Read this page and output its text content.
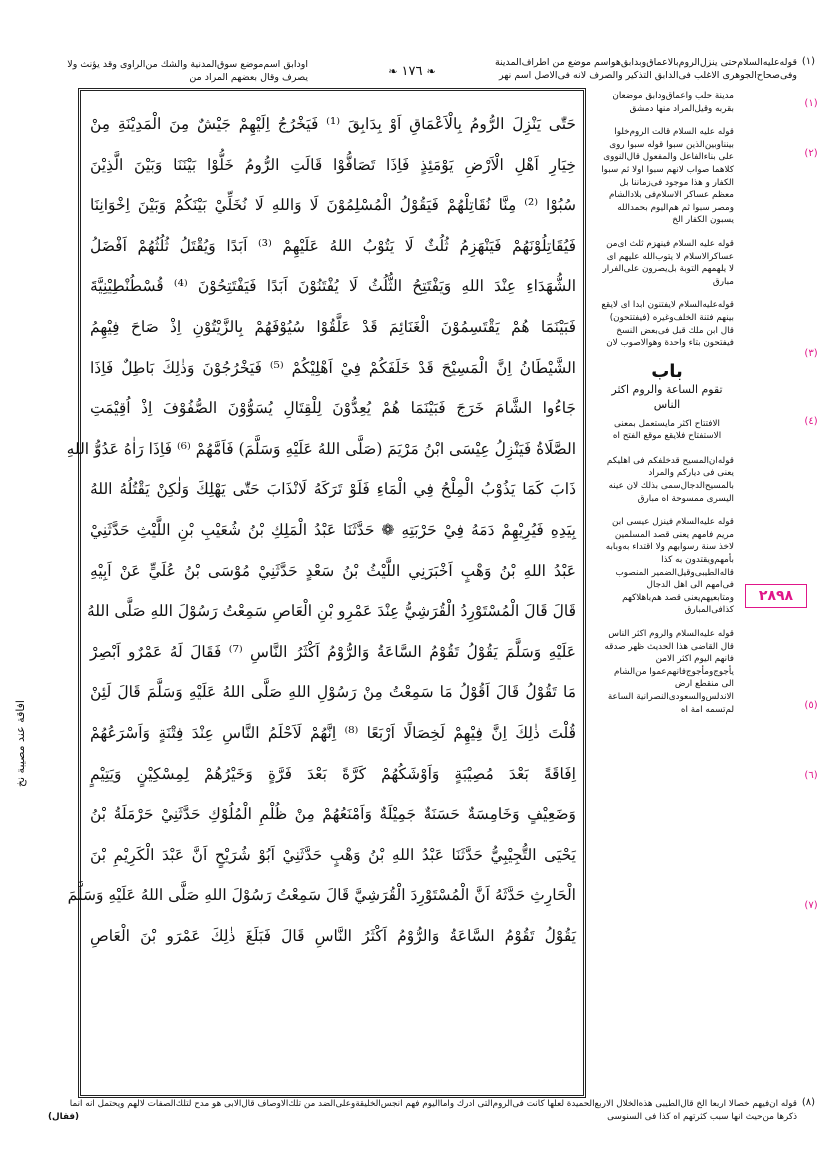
(١)
قوله‌عليه‌السلام‌حتى ينزل‌الروم‌بالاعماق‌وبدابق‌هواسم موضع من اطراف‌المدينة وفى‌صحاح‌الجوهرى الاغلب فى‌الدابق التذكير والصرف لانه فى‌الاصل اسم نهر
❧ ١٧٦ ❧
اودابق اسم‌موضع سوق‌المدنية والشك من‌الراوى وقد يؤنث ولا يصرف وقال بعضهم المراد من
حَتّٰى يَنْزِلَ الرُّومُ بِالْاَعْمَاقِ اَوْ بِدَابِقَ ⁽¹⁾ فَيَخْرُجُ اِلَيْهِمْ جَيْشٌ مِنَ الْمَدِيْنَةِ مِنْ
خِيَارِ اَهْلِ الْاَرْضِ يَوْمَئِذٍ فَاِذَا تَصَافُّوْا قَالَتِ الرُّومُ خَلُّوْا بَيْنَنَا وَبَيْنَ الَّذِيْنَ
سُبُوْا ⁽²⁾ مِنَّا نُقَاتِلْهُمْ فَيَقُوْلُ الْمُسْلِمُوْنَ لَا وَاللهِ لَا نُخَلِّيْ بَيْنَكُمْ وَبَيْنَ اِخْوَانِنَا
فَيُقَاتِلُوْنَهُمْ فَيَنْهَزِمُ ثُلُثٌ لَا يَتُوْبُ اللهُ عَلَيْهِمْ ⁽³⁾ اَبَدًا وَيُقْتَلُ ثُلُثُهُمْ اَفْضَلُ
الشُّهَدَاءِ عِنْدَ اللهِ وَيَفْتَتِحُ الثُّلُثُ لَا يُفْتَنُوْنَ اَبَدًا فَيَفْتَتِحُوْنَ ⁽⁴⁾ قُسْطُنْطِيْنِيَّةَ
فَبَيْنَمَا هُمْ يَقْتَسِمُوْنَ الْغَنَائِمَ قَدْ عَلَّقُوْا سُيُوْفَهُمْ بِالزَّيْتُوْنِ اِذْ صَاحَ فِيْهِمُ
الشَّيْطَانُ اِنَّ الْمَسِيْحَ قَدْ خَلَفَكُمْ فِيْ اَهْلِيْكُمْ ⁽⁵⁾ فَيَخْرُجُوْنَ وَذٰلِكَ بَاطِلٌ فَاِذَا
جَاءُوا الشَّامَ خَرَجَ فَبَيْنَمَا هُمْ يُعِدُّوْنَ لِلْقِتَالِ يُسَوُّوْنَ الصُّفُوْفَ اِذْ اُقِيْمَتِ
الصَّلَاةُ فَيَنْزِلُ عِيْسَى ابْنُ مَرْيَمَ (صَلَّى اللهُ عَلَيْهِ وَسَلَّمَ) فَاَمَّهُمْ ⁽⁶⁾ فَاِذَا رَاٰهُ عَدُوُّ اللهِ
ذَابَ كَمَا يَذُوْبُ الْمِلْحُ فِي الْمَاءِ فَلَوْ تَرَكَهُ لَانْذَابَ حَتّٰى يَهْلِكَ وَلٰكِنْ يَقْتُلُهُ اللهُ
بِيَدِهِ فَيُرِيْهِمْ دَمَهُ فِيْ حَرْبَتِهِ ❁ حَدَّثَنَا عَبْدُ الْمَلِكِ بْنُ شُعَيْبِ بْنِ اللَّيْثِ حَدَّثَنِيْ
عَبْدُ اللهِ بْنُ وَهْبٍ اَخْبَرَنِي اللَّيْثُ بْنُ سَعْدٍ حَدَّثَنِيْ مُوْسَى بْنُ عُلَيٍّ عَنْ اَبِيْهِ
قَالَ قَالَ الْمُسْتَوْرِدُ الْقُرَشِيُّ عِنْدَ عَمْرِو بْنِ الْعَاصِ سَمِعْتُ رَسُوْلَ اللهِ صَلَّى اللهُ
عَلَيْهِ وَسَلَّمَ يَقُوْلُ تَقُوْمُ السَّاعَةُ وَالرُّوْمُ اَكْثَرُ النَّاسِ ⁽⁷⁾ فَقَالَ لَهُ عَمْرٌو اَبْصِرْ
مَا تَقُوْلُ قَالَ اَقُوْلُ مَا سَمِعْتُ مِنْ رَسُوْلِ اللهِ صَلَّى اللهُ عَلَيْهِ وَسَلَّمَ قَالَ لَئِنْ
قُلْتَ ذٰلِكَ اِنَّ فِيْهِمْ لَخِصَالًا اَرْبَعًا ⁽⁸⁾ اِنَّهُمْ لَاَحْلَمُ النَّاسِ عِنْدَ فِتْنَةٍ وَاَسْرَعُهُمْ
اِفَاقَةً بَعْدَ مُصِيْبَةٍ وَاَوْشَكُهُمْ كَرَّةً بَعْدَ فَرَّةٍ وَخَيْرُهُمْ لِمِسْكِيْنٍ وَيَتِيْمٍ
وَضَعِيْفٍ وَخَامِسَةٌ حَسَنَةٌ جَمِيْلَةٌ وَاَمْنَعُهُمْ مِنْ ظُلْمِ الْمُلُوْكِ حَدَّثَنِيْ حَرْمَلَةُ بْنُ
يَحْيَى التُّجِيْبِيُّ حَدَّثَنَا عَبْدُ اللهِ بْنُ وَهْبٍ حَدَّثَنِيْ اَبُوْ شُرَيْحٍ اَنَّ عَبْدَ الْكَرِيْمِ بْنَ
الْحَارِثِ حَدَّثَهُ اَنَّ الْمُسْتَوْرِدَ الْقُرَشِيَّ قَالَ سَمِعْتُ رَسُوْلَ اللهِ صَلَّى اللهُ عَلَيْهِ وَسَلَّمَ
يَقُوْلُ تَقُوْمُ السَّاعَةُ وَالرُّوْمُ اَكْثَرُ النَّاسِ قَالَ فَبَلَغَ ذٰلِكَ عَمْرَو بْنَ الْعَاصِ
مدينة حلب واعماق‌ودابق موضعان بقربه وقيل‌المراد منها دمشق
قوله عليه السلام قالت الروم‌خلوا بينناوبين‌الذين سبوا قوله سبوا روى على بناء‌الفاعل والمفعول قال‌النووى كلاهما صواب لانهم سبوا اولا ثم سبوا الكفار و هذا موجود فى‌زماننا بل معظم عساكر الاسلام‌فى بلادالشام ومصر سبوا ثم هم‌اليوم بحمدالله يسبون الكفار الخ
قوله عليه السلام فينهزم ثلث اى‌من عساكر‌الاسلام لا يتوب‌الله عليهم اى لا يلهمهم التوبة بل‌يصرون على‌الفرار مبارق
قوله‌عليه‌السلام لايفتنون ابدا اى لايقع بينهم فتنة الخلف‌وغيره (فيفتتحون) قال ابن ملك قبل فى‌بعض النسخ فيفتحون بتاء واحدة وهوالاصوب لان
باب
تقوم الساعة والروم اكثر الناس
الافتتاح اكثر مايستعمل بمعنى الاستفتاح فلايقع موقع الفتح اه
قوله‌ان‌المسيح قدخلفكم فى اهليكم يعنى فى ديارکم والمراد بالمسيح‌الدجال‌سمى بذلك لان عينه اليسرى ممسوحة اه مبارق
قوله عليه‌السلام فينزل عيسى ابن مريم فامهم يعنى قصد المسلمين لاخذ سنة رسوابهم ولا اقتداء به‌وبابه بأمهم‌ويقتدون به كذا قاله‌الطيبى‌وقيل‌الضمير المنصوب فى‌امهم الى اهل الدجال ومتابعيهم‌يعنى قصد هم‌باهلاکهم كذافى‌المبارق
قوله عليه‌السلام والروم اكثر الناس قال القاضى هذا الحديث ظهر صدقه فانهم اليوم اكثر الامن يأجوج‌ومأجوج‌فانهم‌عموا من‌الشام الى منقطع ارض الاندلس‌والسعودى‌النصرانية الساعة لم‌تسمه امة اه
(١)
(٢)
(٣)
(٤)
(٥)
(٦)
(٧)
٢٨٩٨
افاقة عند مصيبة نخ
(٨)
قوله ان‌فيهم خصالا اربعا الخ قال‌الطيبى هذه‌الخلال الاربع‌الحميدة لعلها كانت فى‌الروم‌التى ادرك وامااليوم فهم انجس‌الخليقة‌وعلى‌الضد من تلك‌الاوصاف قال‌الابى هو مدح لتلك‌الصفات لالهم ويحتمل انه انما ذكرها من‌حيث انها سبب كثرتهم اه كذا فى السنوسى
(فقال)
